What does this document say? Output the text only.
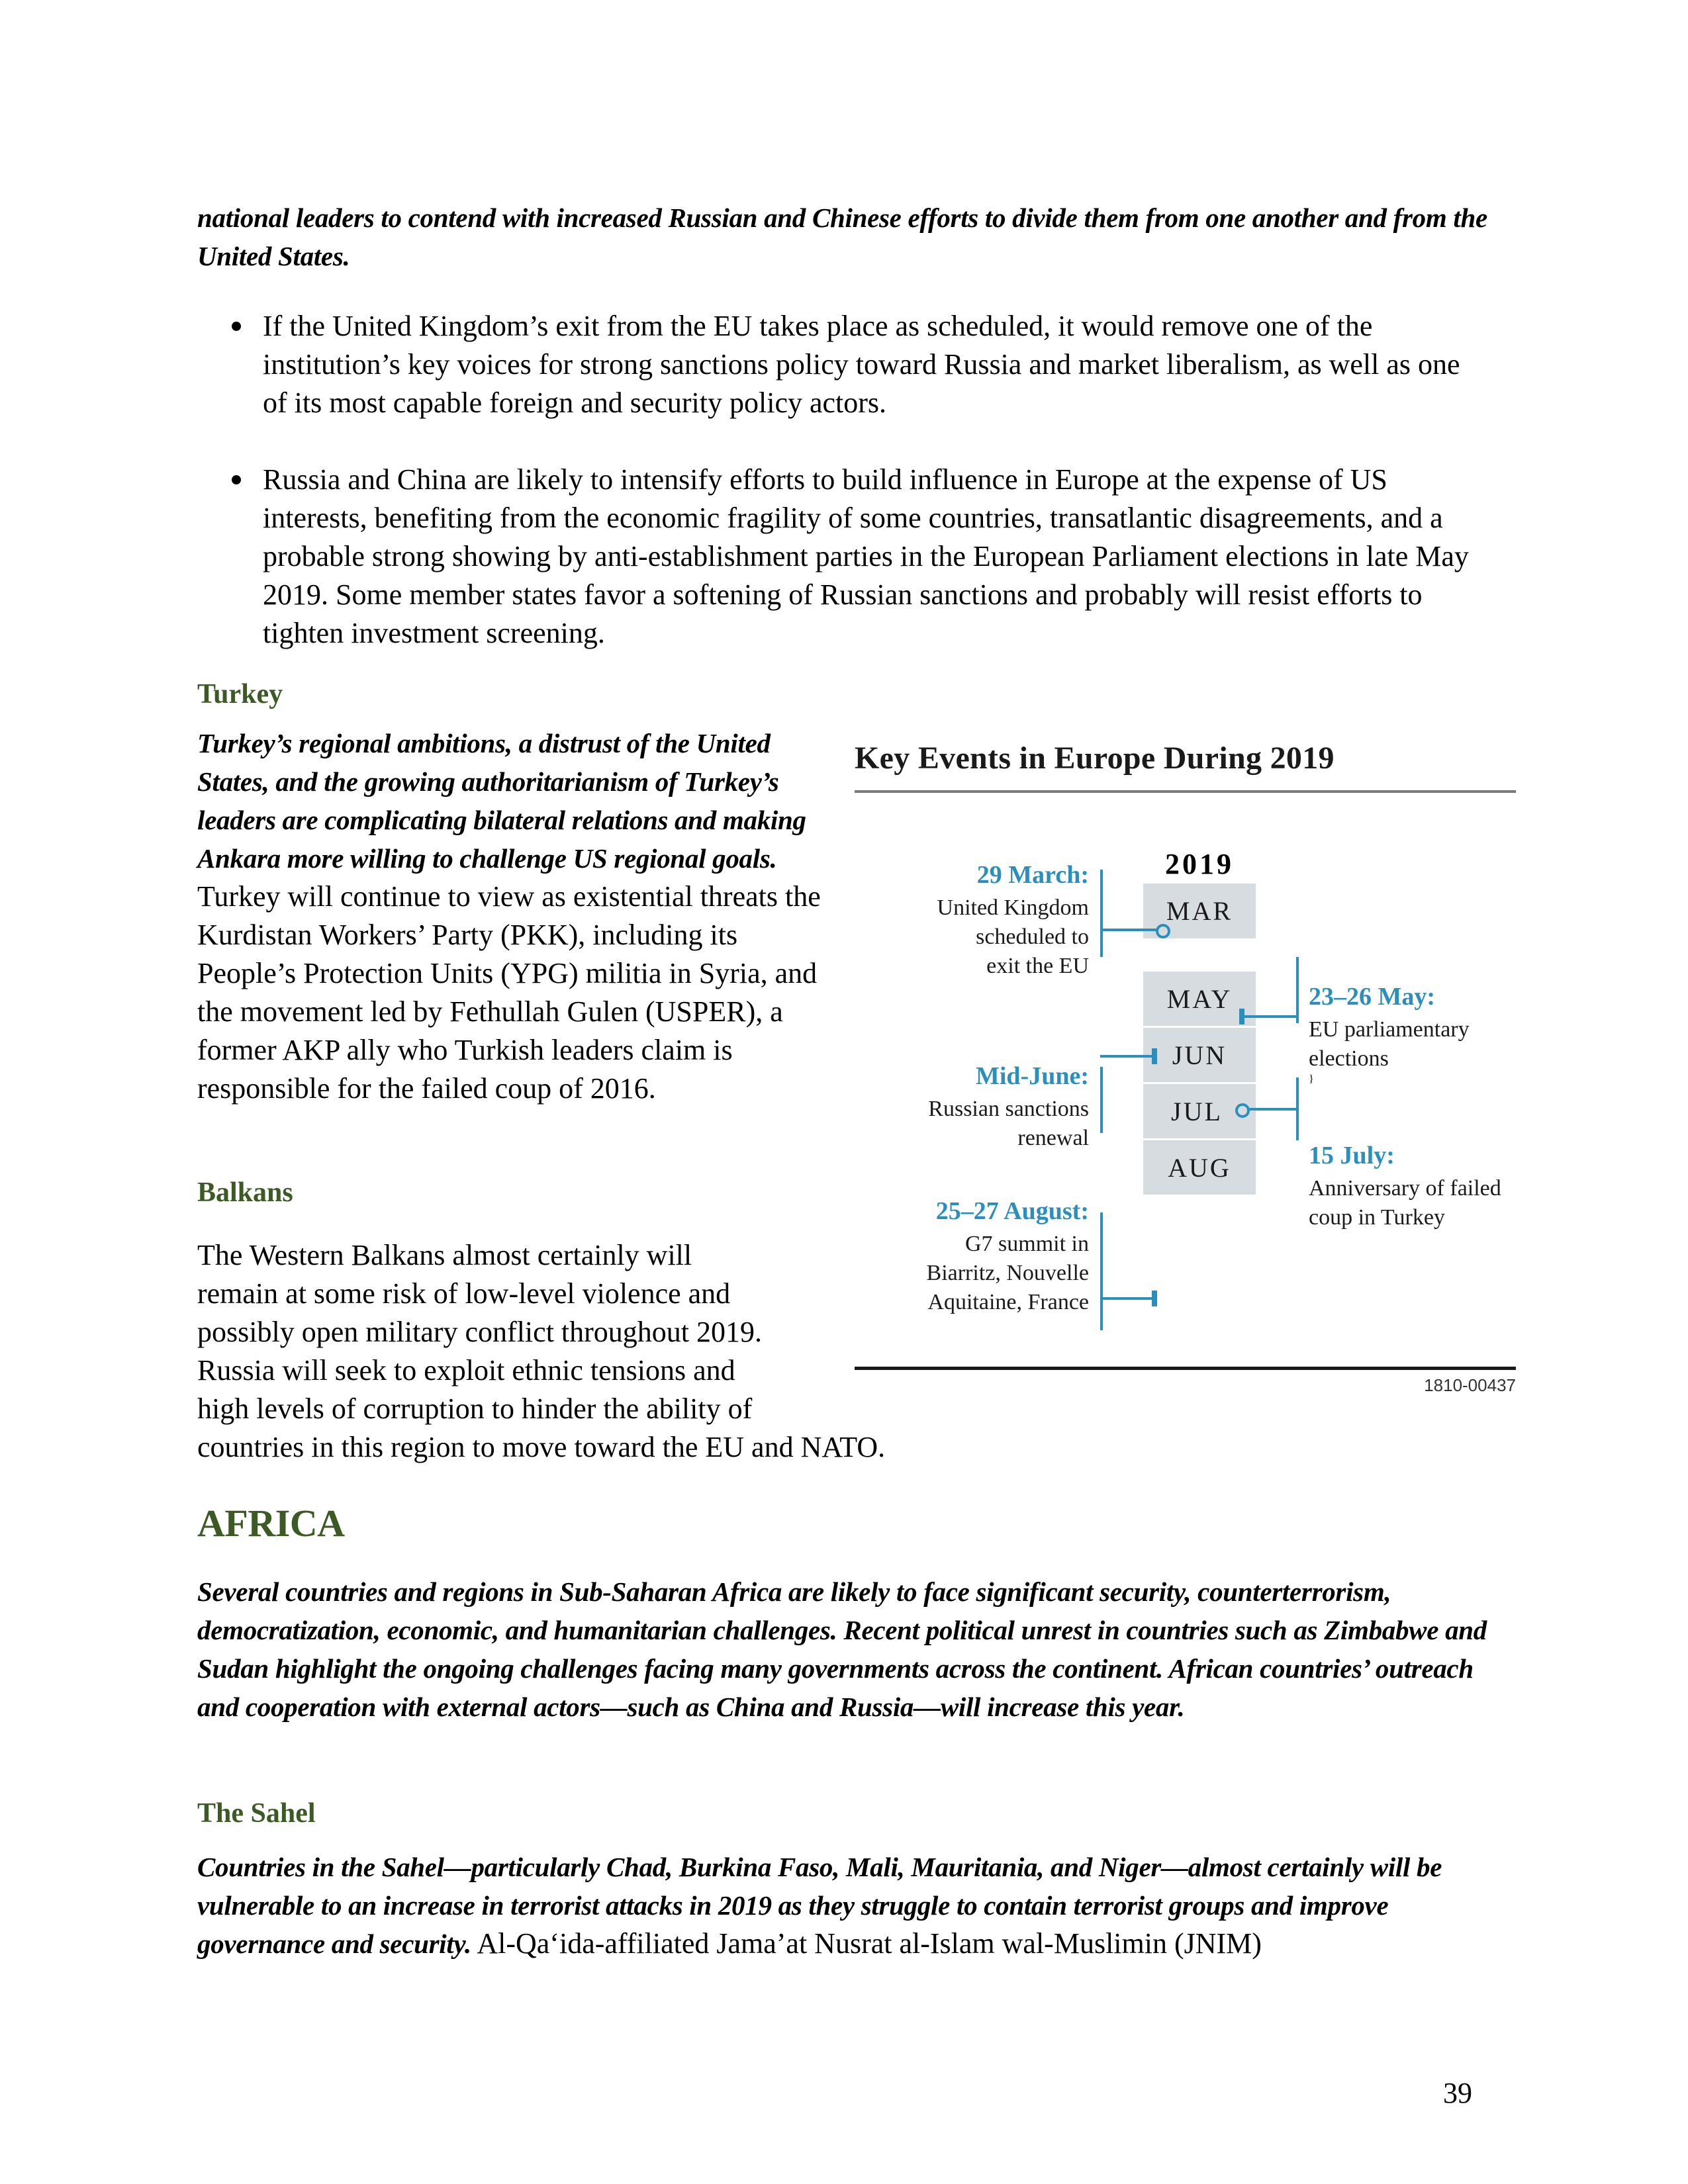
national leaders to contend with increased Russian and Chinese efforts to divide them from one another and from the United States.
If the United Kingdom’s exit from the EU takes place as scheduled, it would remove one of the institution’s key voices for strong sanctions policy toward Russia and market liberalism, as well as one of its most capable foreign and security policy actors.
Russia and China are likely to intensify efforts to build influence in Europe at the expense of US interests, benefiting from the economic fragility of some countries, transatlantic disagreements, and a probable strong showing by anti-establishment parties in the European Parliament elections in late May 2019. Some member states favor a softening of Russian sanctions and probably will resist efforts to tighten investment screening.
Turkey
Turkey’s regional ambitions, a distrust of the United States, and the growing authoritarianism of Turkey’s leaders are complicating bilateral relations and making Ankara more willing to challenge US regional goals. Turkey will continue to view as existential threats the Kurdistan Workers’ Party (PKK), including its People’s Protection Units (YPG) militia in Syria, and the movement led by Fethullah Gulen (USPER), a former AKP ally who Turkish leaders claim is responsible for the failed coup of 2016.
Balkans
The Western Balkans almost certainly will
remain at some risk of low-level violence and
possibly open military conflict throughout 2019.
Russia will seek to exploit ethnic tensions and
high levels of corruption to hinder the ability of
countries in this region to move toward the EU and NATO.
Key Events in Europe During 2019
2019
MAR
MAY
JUN
JUL
AUG
29 March:
United Kingdom
scheduled to
exit the EU
23–26 May:
EU parliamentary
elections
}
Mid-June:
Russian sanctions
renewal
15 July:
Anniversary of failed
coup in Turkey
25–27 August:
G7 summit in
Biarritz, Nouvelle
Aquitaine, France
1810-00437
AFRICA
Several countries and regions in Sub-Saharan Africa are likely to face significant security, counterterrorism, democratization, economic, and humanitarian challenges. Recent political unrest in countries such as Zimbabwe and Sudan highlight the ongoing challenges facing many governments across the continent. African countries’ outreach and cooperation with external actors—such as China and Russia—will increase this year.
The Sahel
Countries in the Sahel—particularly Chad, Burkina Faso, Mali, Mauritania, and Niger—almost certainly will be vulnerable to an increase in terrorist attacks in 2019 as they struggle to contain terrorist groups and improve governance and security. Al-Qa‘ida-affiliated Jama’at Nusrat al-Islam wal-Muslimin (JNIM)
39
